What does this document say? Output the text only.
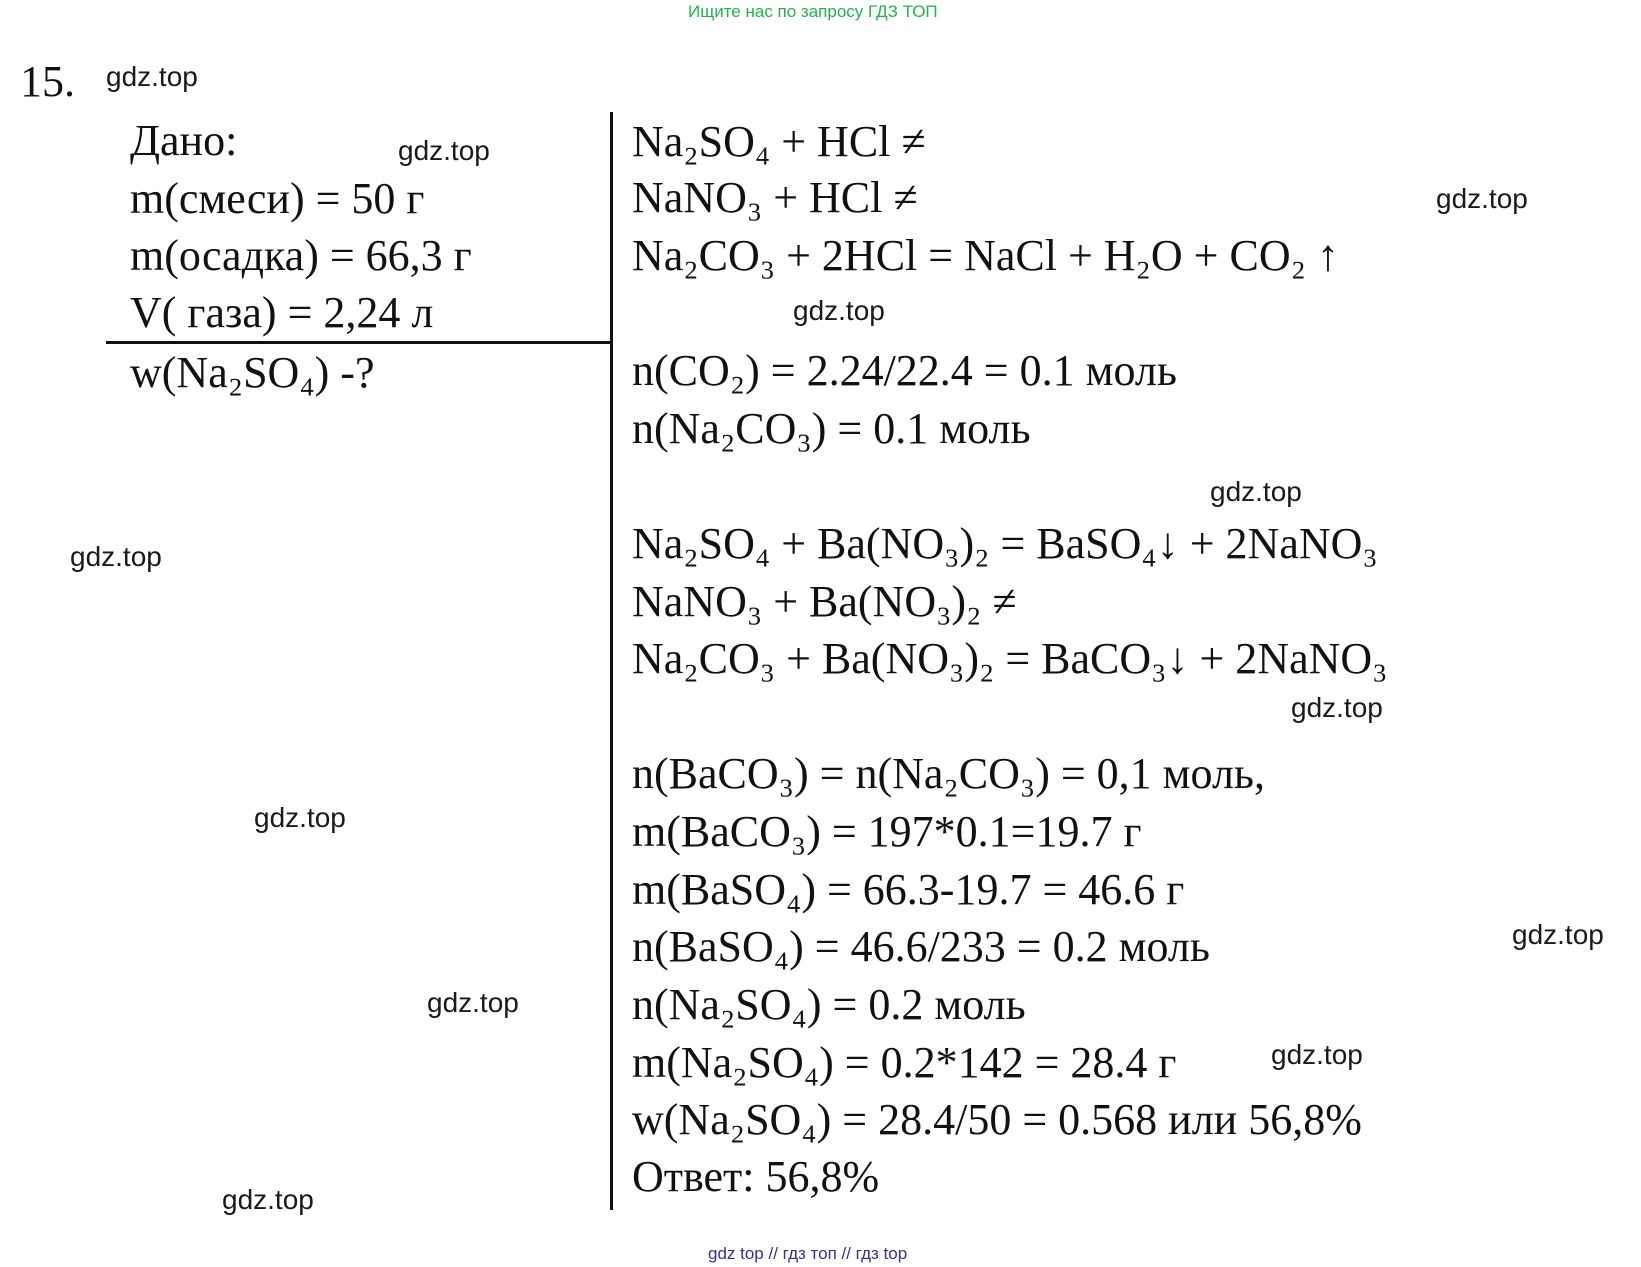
Ищите нас по запросу ГДЗ ТОП
15.
Дано:
m(смеси) = 50 г
m(осадка) = 66,3 г
V( газа) = 2,24 л
w(Na₂SO₄) -?
Na₂SO₄ + HCl ≠
NaNO₃ + HCl ≠
Na₂CO₃ + 2HCl = NaCl + H₂O + CO₂ ↑
n(CO₂) = 2.24/22.4 = 0.1 моль
n(Na₂CO₃) = 0.1 моль
Na₂SO₄ + Ba(NO₃)₂ = BaSO₄↓ + 2NaNO₃
NaNO₃ + Ba(NO₃)₂ ≠
Na₂CO₃ + Ba(NO₃)₂ = BaCO₃↓ + 2NaNO₃
n(BaCO₃) = n(Na₂CO₃) = 0,1 моль,
m(BaCO₃) = 197*0.1=19.7 г
m(BaSO₄) = 66.3-19.7 = 46.6 г
n(BaSO₄) = 46.6/233 = 0.2 моль
n(Na₂SO₄) = 0.2 моль
m(Na₂SO₄) = 0.2*142 = 28.4 г
w(Na₂SO₄) = 28.4/50 = 0.568 или 56,8%
Ответ: 56,8%
gdz.top
gdz.top
gdz.top
gdz.top
gdz.top
gdz.top
gdz.top
gdz.top
gdz.top
gdz.top
gdz.top
gdz.top
gdz top // гдз топ // гдз top
